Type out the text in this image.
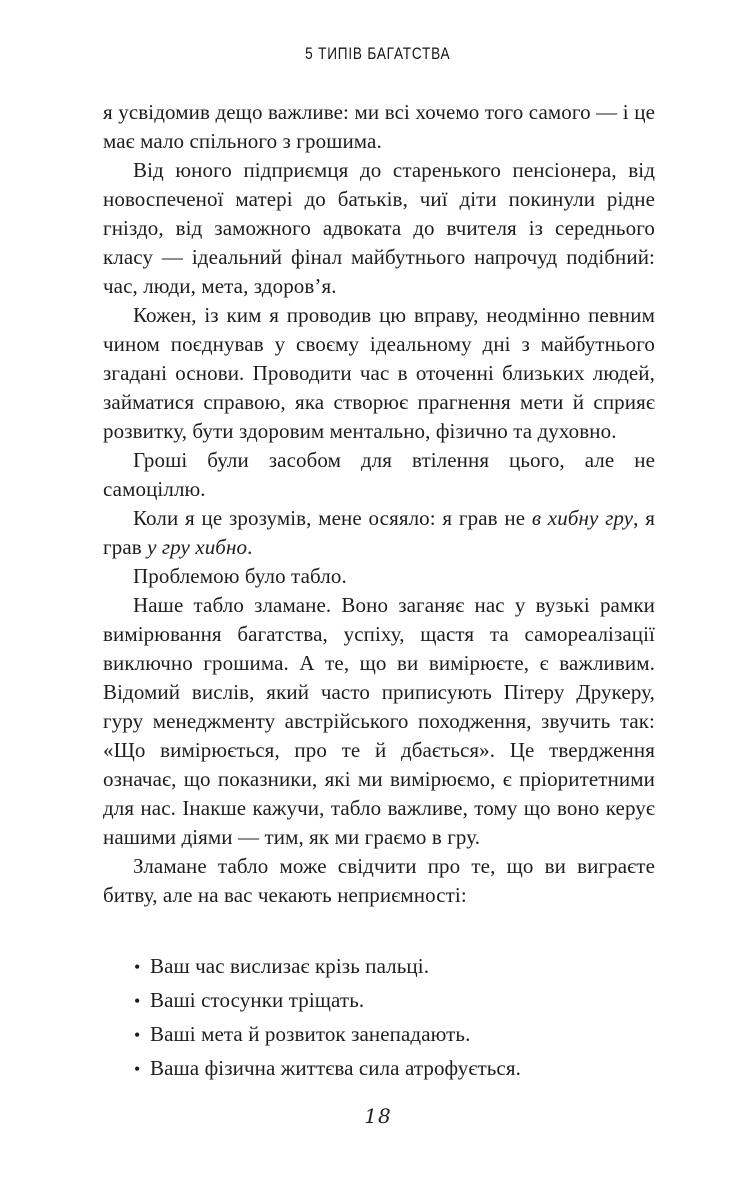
5 ТИПІВ БАГАТСТВА

я усвідомив дещо важливе: ми всі хочемо того самого — і це має мало спільного з грошима.

Від юного підприємця до старенького пенсіонера, від новоспеченої матері до батьків, чиї діти покинули рідне гніздо, від заможного адвоката до вчителя із середнього класу — ідеальний фінал майбутнього напрочуд подібний: час, люди, мета, здоровʼя.

Кожен, із ким я проводив цю вправу, неодмінно певним чином поєднував у своєму ідеальному дні з майбутнього згадані основи. Проводити час в оточенні близьких людей, займатися справою, яка створює прагнення мети й сприяє розвитку, бути здоровим ментально, фізично та духовно.

Гроші були засобом для втілення цього, але не самоціллю.

Коли я це зрозумів, мене осяяло: я грав не в хибну гру, я грав у гру хибно.

Проблемою було табло.

Наше табло зламане. Воно заганяє нас у вузькі рамки вимірювання багатства, успіху, щастя та самореалізації виключно грошима. А те, що ви вимірюєте, є важливим. Відомий вислів, який часто приписують Пітеру Друкеру, гуру менеджменту австрійського походження, звучить так: «Що вимірюється, про те й дбається». Це твердження означає, що показники, які ми вимірюємо, є пріоритетними для нас. Інакше кажучи, табло важливе, тому що воно керує нашими діями — тим, як ми граємо в гру.

Зламане табло може свідчити про те, що ви виграєте битву, але на вас чекають неприємності:

• Ваш час вислизає крізь пальці.
• Ваші стосунки тріщать.
• Ваші мета й розвиток занепадають.
• Ваша фізична життєва сила атрофується.
18
